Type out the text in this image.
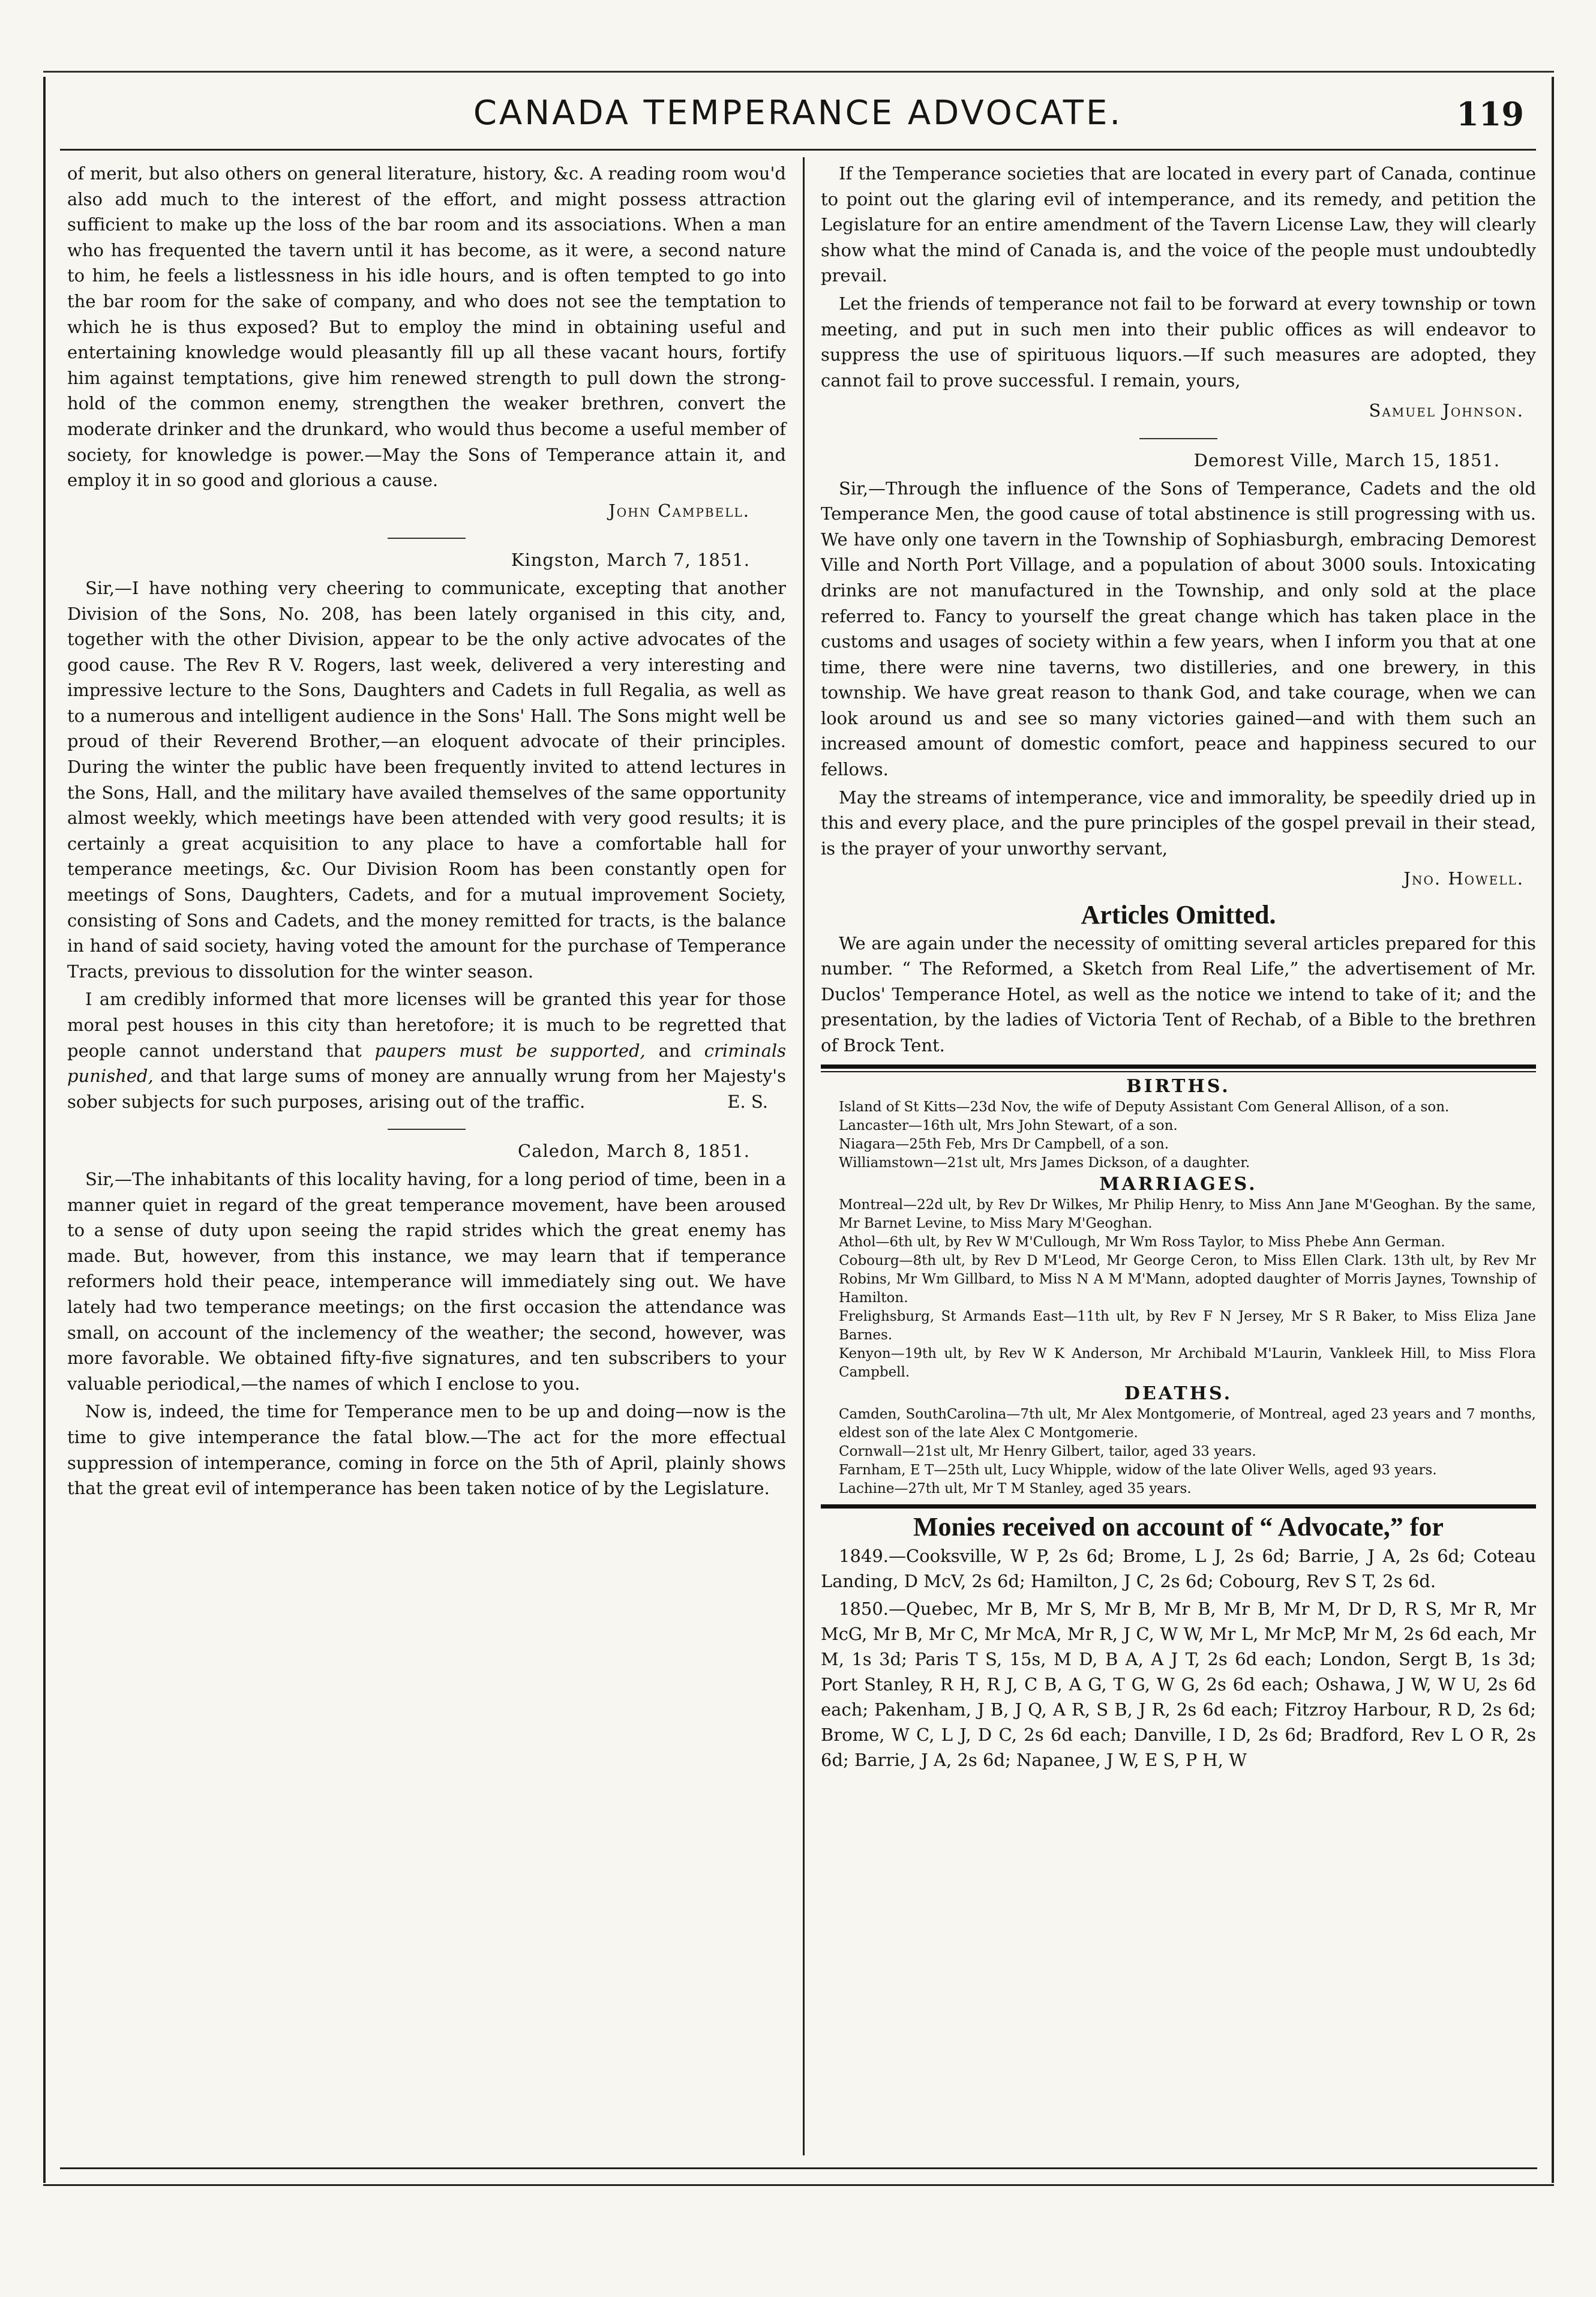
CANADA TEMPERANCE ADVOCATE.	119

of merit, but also others on general literature, history, &c. A reading room wou'd also add much to the interest of the effort, and might possess attraction sufficient to make up the loss of the bar room and its associations. When a man who has frequented the tavern until it has become, as it were, a second nature to him, he feels a listlessness in his idle hours, and is often tempted to go into the bar room for the sake of company, and who does not see the temptation to which he is thus exposed? But to employ the mind in obtaining useful and entertaining knowledge would pleasantly fill up all these vacant hours, fortify him against temptations, give him renewed strength to pull down the strong-hold of the common enemy, strengthen the weaker brethren, convert the moderate drinker and the drunkard, who would thus become a useful member of society, for knowledge is power.—May the Sons of Temperance attain it, and employ it in so good and glorious a cause.

John Campbell.
Kingston, March 7, 1851.

Sir,—I have nothing very cheering to communicate, excepting that another Division of the Sons, No. 208, has been lately organised in this city, and, together with the other Division, appear to be the only active advocates of the good cause. The Rev R V. Rogers, last week, delivered a very interesting and impressive lecture to the Sons, Daughters and Cadets in full Regalia, as well as to a numerous and intelligent audience in the Sons' Hall. The Sons might well be proud of their Reverend Brother,—an eloquent advocate of their principles. During the winter the public have been frequently invited to attend lectures in the Sons, Hall, and the military have availed themselves of the same opportunity almost weekly, which meetings have been attended with very good results; it is certainly a great acquisition to any place to have a comfortable hall for temperance meetings, &c. Our Division Room has been constantly open for meetings of Sons, Daughters, Cadets, and for a mutual improvement Society, consisting of Sons and Cadets, and the money remitted for tracts, is the balance in hand of said society, having voted the amount for the purchase of Temperance Tracts, previous to dissolution for the winter season.

I am credibly informed that more licenses will be granted this year for those moral pest houses in this city than heretofore; it is much to be regretted that people cannot understand that paupers must be supported, and criminals punished, and that large sums of money are annually wrung from her Majesty's sober subjects for such purposes, arising out of the traffic.	E. S.

Caledon, March 8, 1851.

Sir,—The inhabitants of this locality having, for a long period of time, been in a manner quiet in regard of the great temperance movement, have been aroused to a sense of duty upon seeing the rapid strides which the great enemy has made. But, however, from this instance, we may learn that if temperance reformers hold their peace, intemperance will immediately sing out. We have lately had two temperance meetings; on the first occasion the attendance was small, on account of the inclemency of the weather; the second, however, was more favorable. We obtained fifty-five signatures, and ten subscribers to your valuable periodical,—the names of which I enclose to you.

Now is, indeed, the time for Temperance men to be up and doing—now is the time to give intemperance the fatal blow.—The act for the more effectual suppression of intemperance, coming in force on the 5th of April, plainly shows that the great evil of intemperance has been taken notice of by the Legislature.

If the Temperance societies that are located in every part of Canada, continue to point out the glaring evil of intemperance, and its remedy, and petition the Legislature for an entire amendment of the Tavern License Law, they will clearly show what the mind of Canada is, and the voice of the people must undoubtedly prevail.

Let the friends of temperance not fail to be forward at every township or town meeting, and put in such men into their public offices as will endeavor to suppress the use of spirituous liquors.—If such measures are adopted, they cannot fail to prove successful. I remain, yours,

Samuel Johnson.
Demorest Ville, March 15, 1851.

Sir,—Through the influence of the Sons of Temperance, Cadets and the old Temperance Men, the good cause of total abstinence is still progressing with us. We have only one tavern in the Township of Sophiasburgh, embracing Demorest Ville and North Port Village, and a population of about 3000 souls. Intoxicating drinks are not manufactured in the Township, and only sold at the place referred to. Fancy to yourself the great change which has taken place in the customs and usages of society within a few years, when I inform you that at one time, there were nine taverns, two distilleries, and one brewery, in this township. We have great reason to thank God, and take courage, when we can look around us and see so many victories gained—and with them such an increased amount of domestic comfort, peace and happiness secured to our fellows.

May the streams of intemperance, vice and immorality, be speedily dried up in this and every place, and the pure principles of the gospel prevail in their stead, is the prayer of your unworthy servant,

Jno. Howell.
Articles Omitted.

We are again under the necessity of omitting several articles prepared for this number. “ The Reformed, a Sketch from Real Life,” the advertisement of Mr. Duclos' Temperance Hotel, as well as the notice we intend to take of it; and the presentation, by the ladies of Victoria Tent of Rechab, of a Bible to the brethren of Brock Tent.

BIRTHS.

Island of St Kitts—23d Nov, the wife of Deputy Assistant Com General Allison, of a son.

Lancaster—16th ult, Mrs John Stewart, of a son.

Niagara—25th Feb, Mrs Dr Campbell, of a son.

Williamstown—21st ult, Mrs James Dickson, of a daughter.

MARRIAGES.

Montreal—22d ult, by Rev Dr Wilkes, Mr Philip Henry, to Miss Ann Jane M'Geoghan. By the same, Mr Barnet Levine, to Miss Mary M'Geoghan.

Athol—6th ult, by Rev W M'Cullough, Mr Wm Ross Taylor, to Miss Phebe Ann German.

Cobourg—8th ult, by Rev D M'Leod, Mr George Ceron, to Miss Ellen Clark. 13th ult, by Rev Mr Robins, Mr Wm Gillbard, to Miss N A M M'Mann, adopted daughter of Morris Jaynes, Township of Hamilton.

Frelighsburg, St Armands East—11th ult, by Rev F N Jersey, Mr S R Baker, to Miss Eliza Jane Barnes.

Kenyon—19th ult, by Rev W K Anderson, Mr Archibald M'Laurin, Vankleek Hill, to Miss Flora Campbell.

DEATHS.

Camden, SouthCarolina—7th ult, Mr Alex Montgomerie, of Montreal, aged 23 years and 7 months, eldest son of the late Alex C Montgomerie.

Cornwall—21st ult, Mr Henry Gilbert, tailor, aged 33 years.

Farnham, E T—25th ult, Lucy Whipple, widow of the late Oliver Wells, aged 93 years.

Lachine—27th ult, Mr T M Stanley, aged 35 years.

Monies received on account of “ Advocate,” for

1849.—Cooksville, W P, 2s 6d; Brome, L J, 2s 6d; Barrie, J A, 2s 6d; Coteau Landing, D McV, 2s 6d; Hamilton, J C, 2s 6d; Cobourg, Rev S T, 2s 6d.

1850.—Quebec, Mr B, Mr S, Mr B, Mr B, Mr B, Mr M, Dr D, R S, Mr R, Mr McG, Mr B, Mr C, Mr McA, Mr R, J C, W W, Mr L, Mr McP, Mr M, 2s 6d each, Mr M, 1s 3d; Paris T S, 15s, M D, B A, A J T, 2s 6d each; London, Sergt B, 1s 3d; Port Stanley, R H, R J, C B, A G, T G, W G, 2s 6d each; Oshawa, J W, W U, 2s 6d each; Pakenham, J B, J Q, A R, S B, J R, 2s 6d each; Fitzroy Harbour, R D, 2s 6d; Brome, W C, L J, D C, 2s 6d each; Danville, I D, 2s 6d; Bradford, Rev L O R, 2s 6d; Barrie, J A, 2s 6d; Napanee, J W, E S, P H, W
